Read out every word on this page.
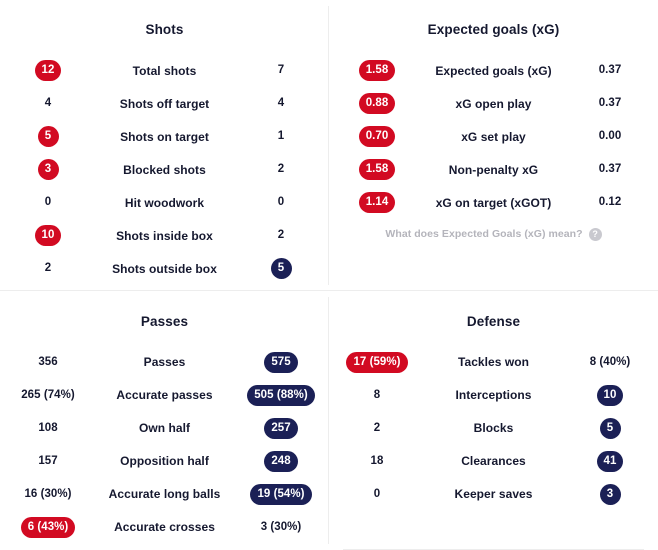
Shots
12	Total shots	7
4	Shots off target	4
5	Shots on target	1
3	Blocked shots	2
0	Hit woodwork	0
10	Shots inside box	2
2	Shots outside box	5
Expected goals (xG)
1.58	Expected goals (xG)	0.37
0.88	xG open play	0.37
0.70	xG set play	0.00
1.58	Non-penalty xG	0.37
1.14	xG on target (xGOT)	0.12
What does Expected Goals (xG) mean?	?
Passes
356	Passes	575
265 (74%)	Accurate passes	505 (88%)
108	Own half	257
157	Opposition half	248
16 (30%)	Accurate long balls	19 (54%)
6 (43%)	Accurate crosses	3 (30%)
Defense
17 (59%)	Tackles won	8 (40%)
8	Interceptions	10
2	Blocks	5
18	Clearances	41
0	Keeper saves	3
